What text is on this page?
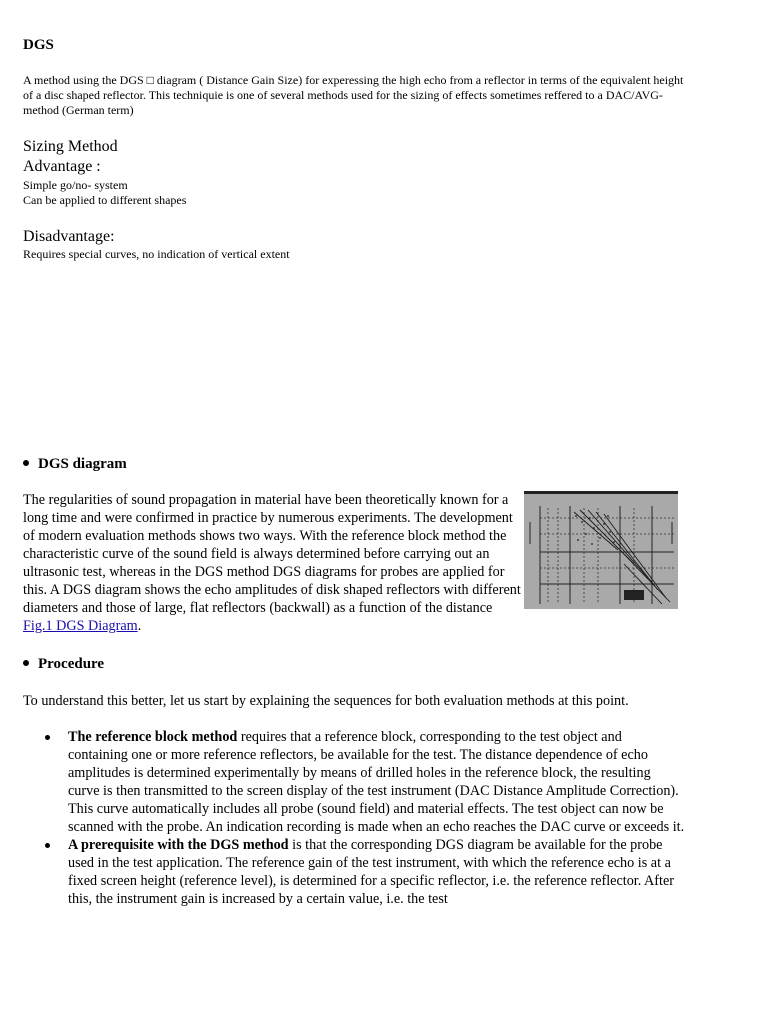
DGS
A method using the DGS □ diagram ( Distance Gain Size) for experessing the high echo from a reflector in terms of the equivalent height of a disc shaped reflector. This techniquie is one of several methods used for the sizing of effects sometimes reffered to a DAC/AVG- method (German term)
Sizing Method
Advantage :
Simple go/no- system
Can be applied to different shapes
Disadvantage:
Requires special curves, no indication of vertical extent
DGS diagram
The regularities of sound propagation in material have been theoretically known for a long time and were confirmed in practice by numerous experiments. The development of modern evaluation methods shows two ways. With the reference block method the characteristic curve of the sound field is always determined before carrying out an ultrasonic test, whereas in the DGS method DGS diagrams for probes are applied for this. A DGS diagram shows the echo amplitudes of disk shaped reflectors with different diameters and those of large, flat reflectors (backwall) as a function of the distance Fig.1 DGS Diagram.
Procedure
To understand this better, let us start by explaining the sequences for both evaluation methods at this point.
The reference block method requires that a reference block, corresponding to the test object and containing one or more reference reflectors, be available for the test. The distance dependence of echo amplitudes is determined experimentally by means of drilled holes in the reference block, the resulting curve is then transmitted to the screen display of the test instrument (DAC Distance Amplitude Correction). This curve automatically includes all probe (sound field) and material effects. The test object can now be scanned with the probe. An indication recording is made when an echo reaches the DAC curve or exceeds it.
A prerequisite with the DGS method is that the corresponding DGS diagram be available for the probe used in the test application. The reference gain of the test instrument, with which the reference echo is at a fixed screen height (reference level), is determined for a specific reflector, i.e. the reference reflector. After this, the instrument gain is increased by a certain value, i.e. the test
